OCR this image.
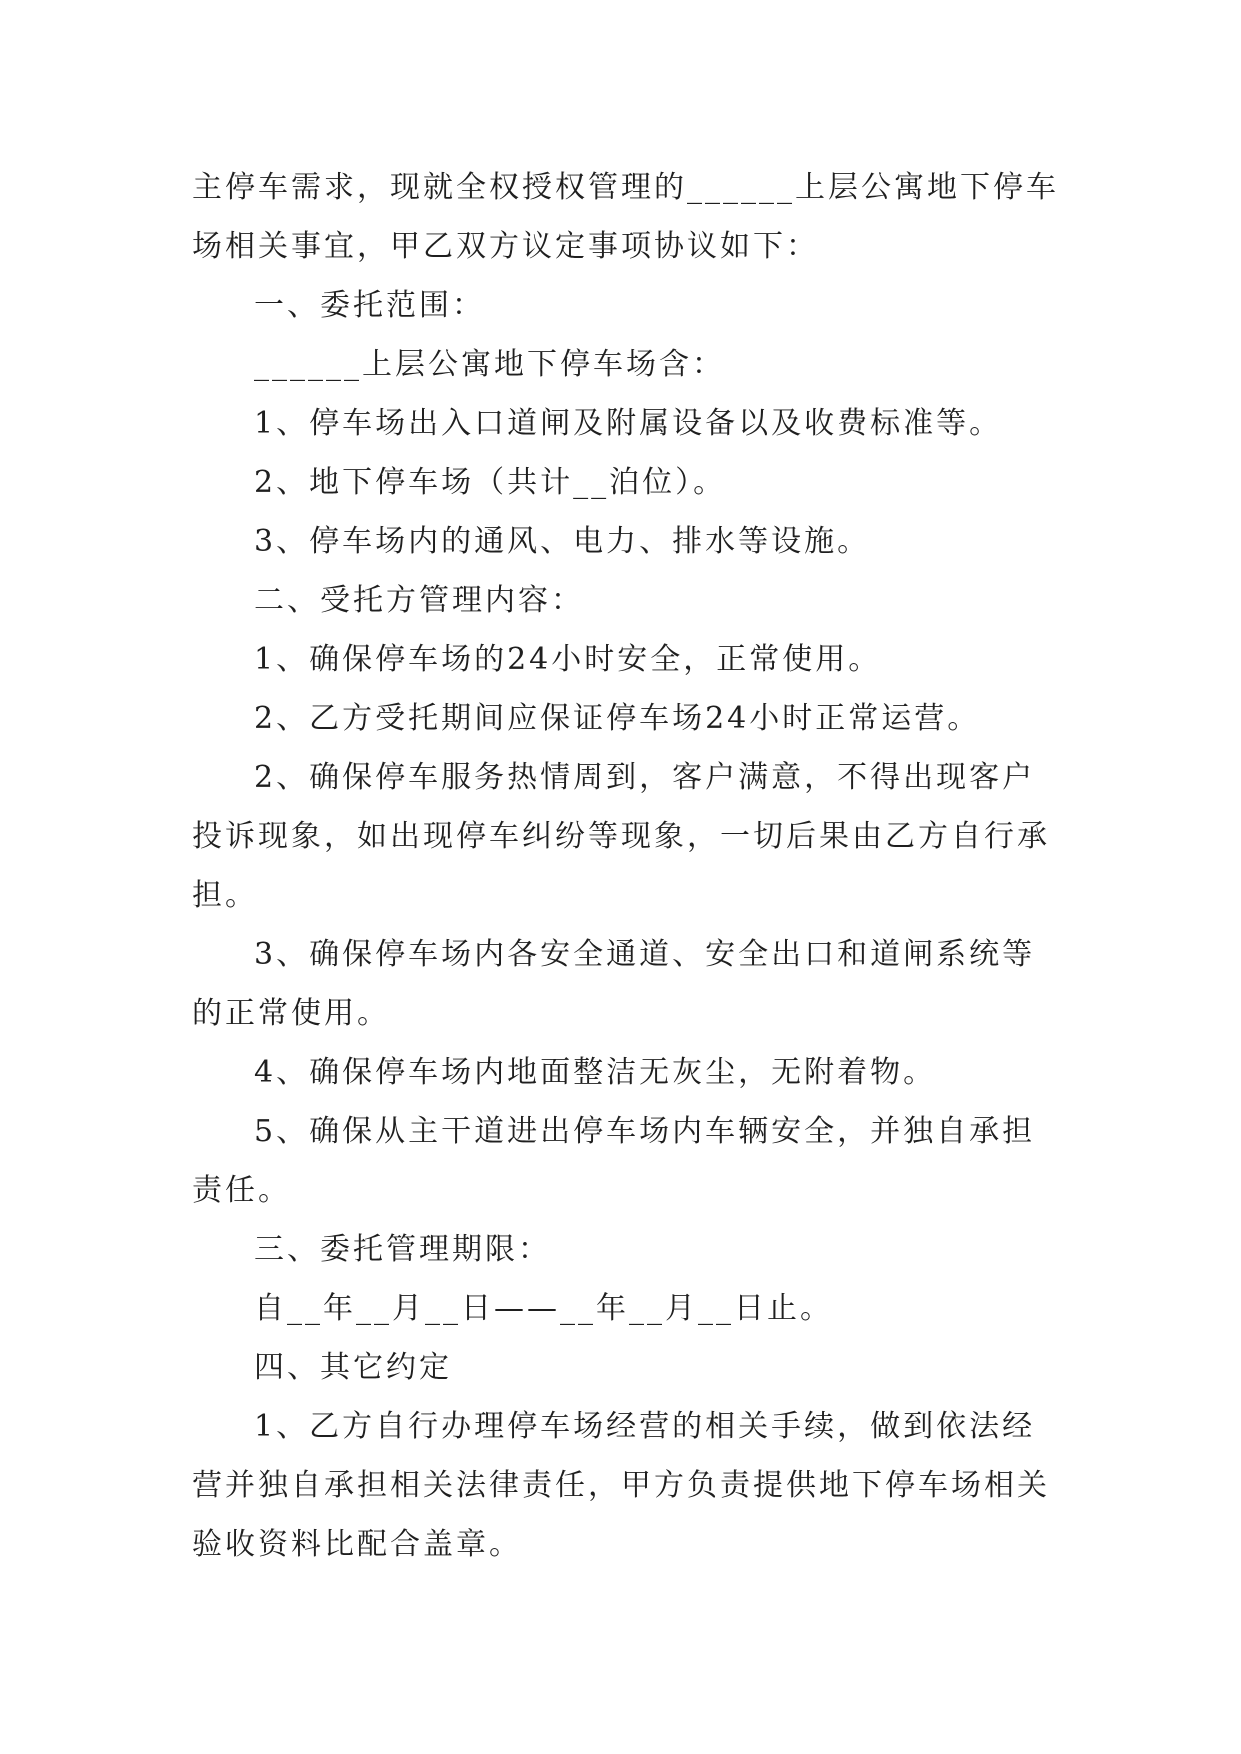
主停车需求，现就全权授权管理的______上层公寓地下停车场相关事宜，甲乙双方议定事项协议如下：

一、委托范围：

______上层公寓地下停车场含：

1、停车场出入口道闸及附属设备以及收费标准等。

2、地下停车场（共计__泊位）。

3、停车场内的通风、电力、排水等设施。

二、受托方管理内容：

1、确保停车场的24小时安全，正常使用。

2、乙方受托期间应保证停车场24小时正常运营。

2、确保停车服务热情周到，客户满意，不得出现客户投诉现象，如出现停车纠纷等现象，一切后果由乙方自行承担。

3、确保停车场内各安全通道、安全出口和道闸系统等的正常使用。

4、确保停车场内地面整洁无灰尘，无附着物。

5、确保从主干道进出停车场内车辆安全，并独自承担责任。

三、委托管理期限：

自__年__月__日——__年__月__日止。

四、其它约定

1、乙方自行办理停车场经营的相关手续，做到依法经营并独自承担相关法律责任，甲方负责提供地下停车场相关验收资料比配合盖章。
